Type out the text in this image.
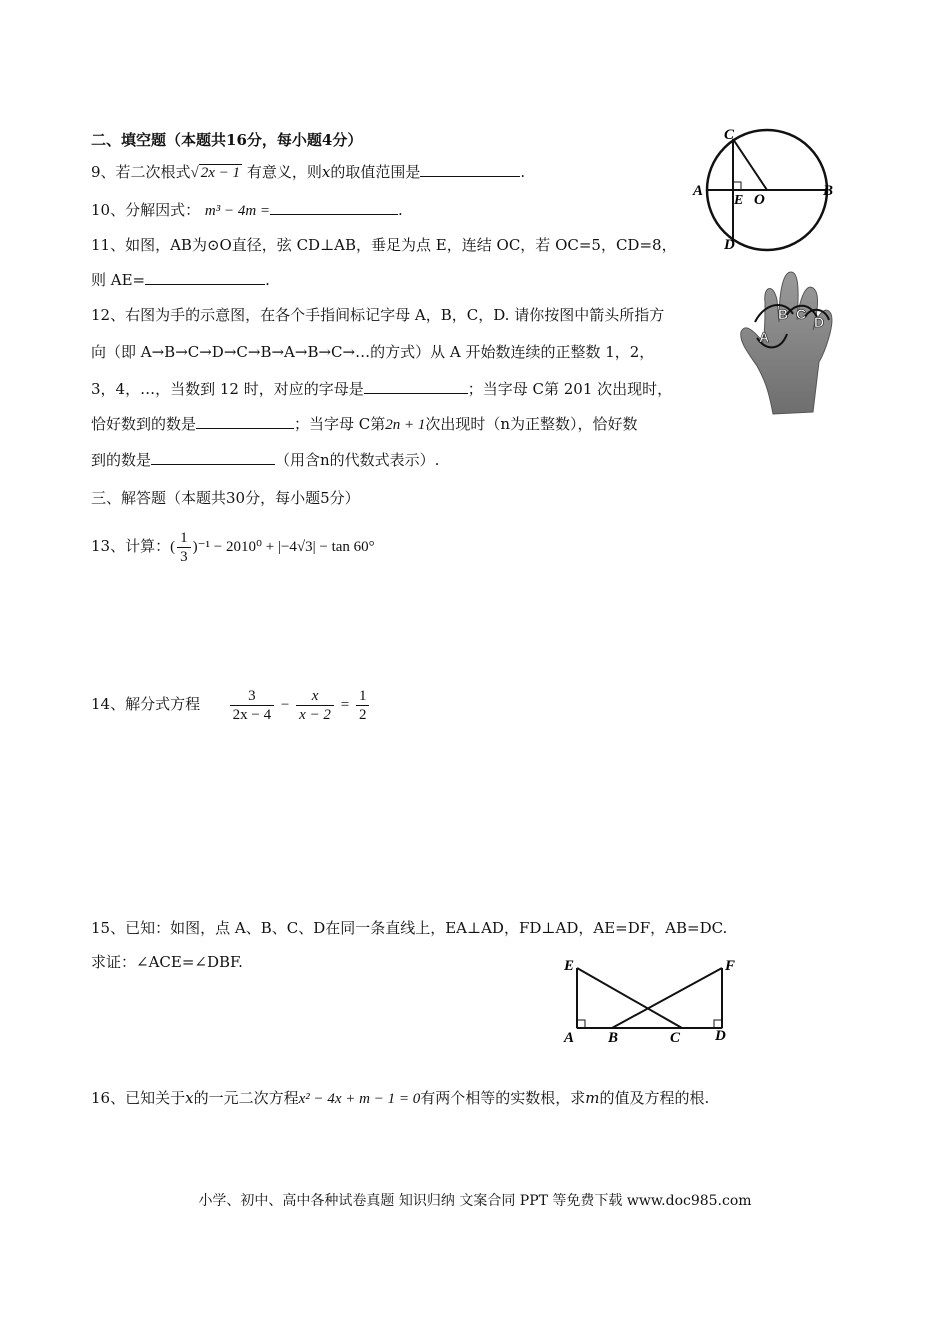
二、填空题（本题共16分，每小题4分）
9、若二次根式√ 2x − 1 有意义，则x的取值范围是	.
10、分解因式： m³ − 4m =	.
11、如图，AB为⊙O直径，弦 CD⊥AB，垂足为点 E，连结 OC，若 OC=5，CD=8，
则 AE=	.
12、右图为手的示意图，在各个手指间标记字母 A，B，C，D. 请你按图中箭头所指方
向（即 A→B→C→D→C→B→A→B→C→…的方式）从 A 开始数连续的正整数 1，2，
3，4，…，当数到 12 时，对应的字母是	；当字母 C第 201 次出现时，
恰好数到的数是	；当字母 C第2n + 1次出现时（n为正整数），恰好数
到的数是	（用含n的代数式表示）.
三、解答题（本题共30分，每小题5分）
13、计算：( $\frac{1}{3} )^{-1} - 2010^0 + |-4√3| - \tan 60^\circ$
14、解分式方程 $\frac{3}{2x - 4} - \frac{x}{x - 2} = \frac{1}{2}$
15、已知：如图，点 A、B、C、D在同一条直线上，EA⊥AD，FD⊥AD，AE=DF，AB=DC.
求证：∠ACE=∠DBF.
16、已知关于x的一元二次方程x² − 4x + m − 1 = 0有两个相等的实数根，求m的值及方程的根.
C
A
E O
B
D
A
B C D
E	F
A B	C D
小学、初中、高中各种试卷真题 知识归纳 文案合同 PPT 等免费下载 www.doc985.com
